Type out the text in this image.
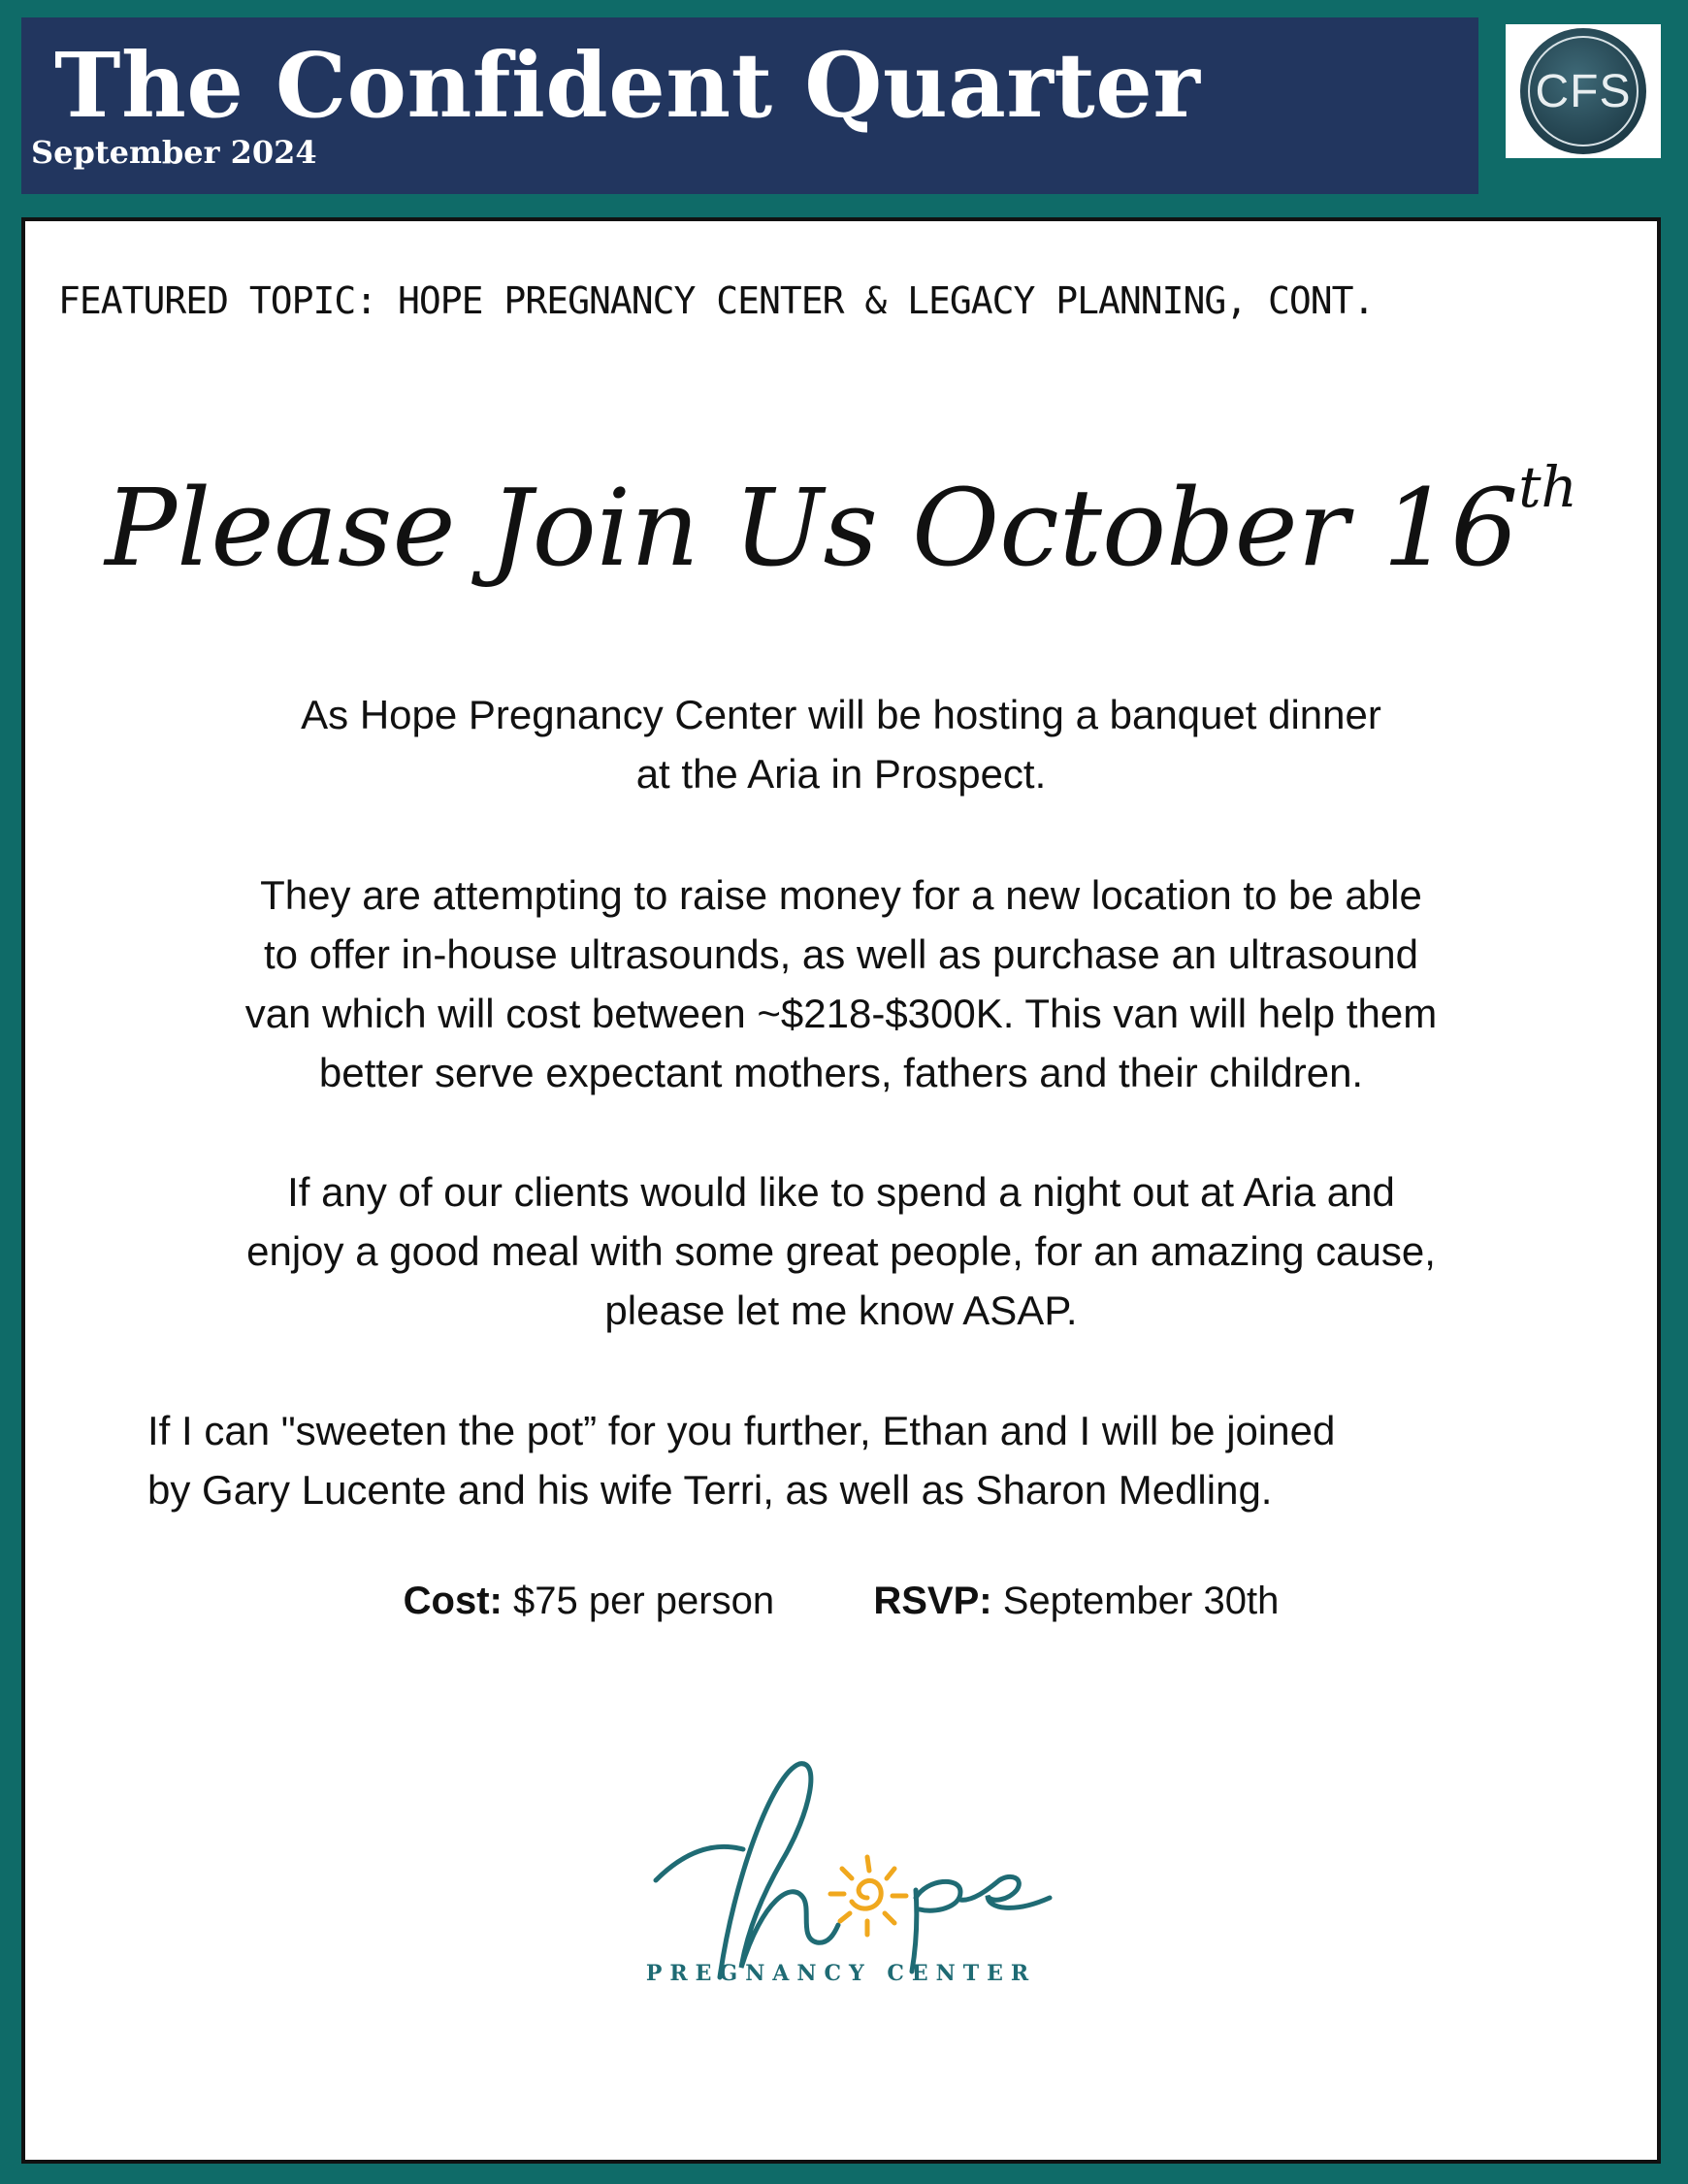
The Confident Quarter
September 2024
CFS
FEATURED TOPIC: HOPE PREGNANCY CENTER & LEGACY PLANNING, CONT.
Please Join Us October 16th

As Hope Pregnancy Center will be hosting a banquet dinner
at the Aria in Prospect.

They are attempting to raise money for a new location to be able
to offer in-house ultrasounds, as well as purchase an ultrasound
van which will cost between ~$218-$300K. This van will help them
better serve expectant mothers, fathers and their children.

If any of our clients would like to spend a night out at Aria and
enjoy a good meal with some great people, for an amazing cause,
please let me know ASAP.

If I can "sweeten the pot” for you further, Ethan and I will be joined
by Gary Lucente and his wife Terri, as well as Sharon Medling.

Cost: $75 per person	RSVP: September 30th
PREGNANCY CENTER
